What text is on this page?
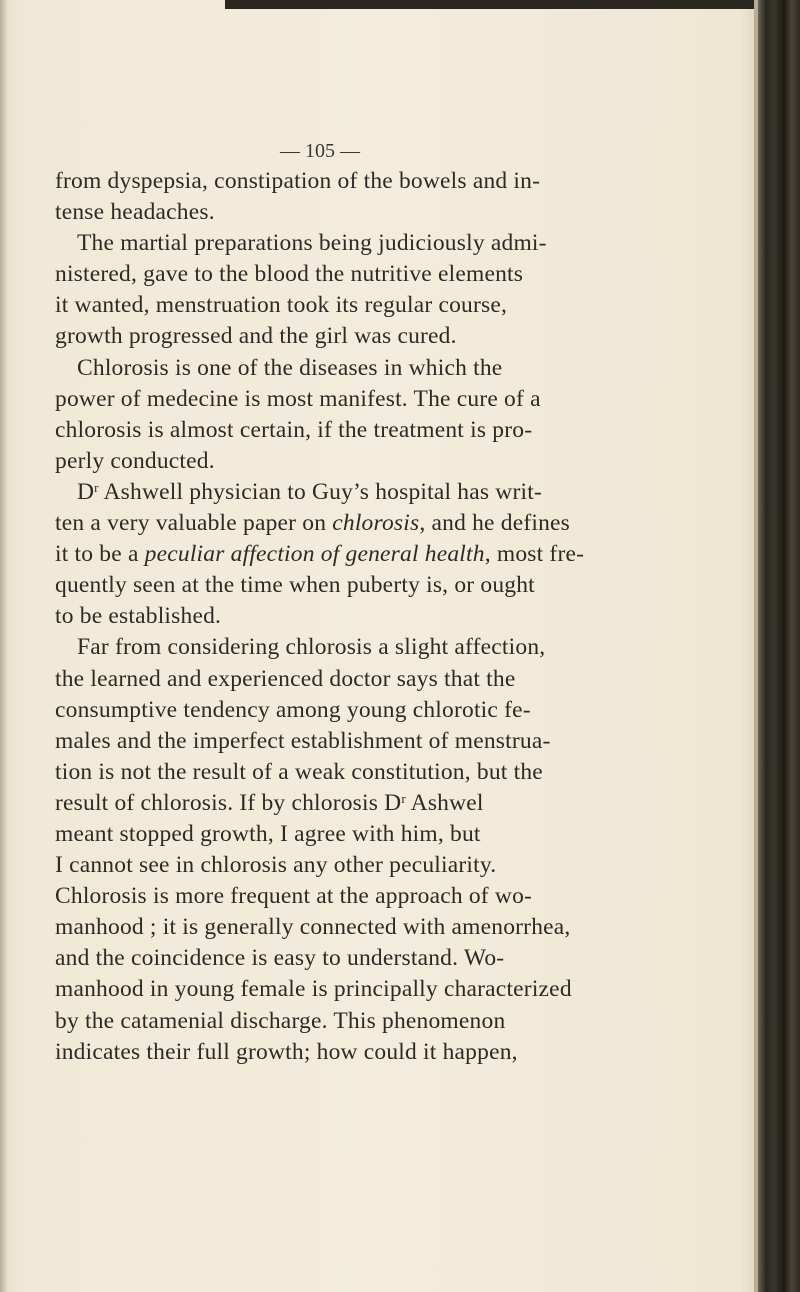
— 105 —
from dyspepsia, constipation of the bowels and in-
tense headaches.
The martial preparations being judiciously admi-
nistered, gave to the blood the nutritive elements
it wanted, menstruation took its regular course,
growth progressed and the girl was cured.
Chlorosis is one of the diseases in which the
power of medecine is most manifest. The cure of a
chlorosis is almost certain, if the treatment is pro-
perly conducted.
$D^r$ Ashwell physician to Guy’s hospital has writ-
ten a very valuable paper on chlorosis, and he defines
it to be a peculiar affection of general health, most fre-
quently seen at the time when puberty is, or ought
to be established.
Far from considering chlorosis a slight affection,
the learned and experienced doctor says that the
consumptive tendency among young chlorotic fe-
males and the imperfect establishment of menstrua-
tion is not the result of a weak constitution, but the
result of chlorosis. If by chlorosis $D^r$ Ashwel
meant stopped growth, I agree with him, but
I cannot see in chlorosis any other peculiarity.
Chlorosis is more frequent at the approach of wo-
manhood ; it is generally connected with amenorrhea,
and the coincidence is easy to understand. Wo-
manhood in young female is principally characterized
by the catamenial discharge. This phenomenon
indicates their full growth; how could it happen,
